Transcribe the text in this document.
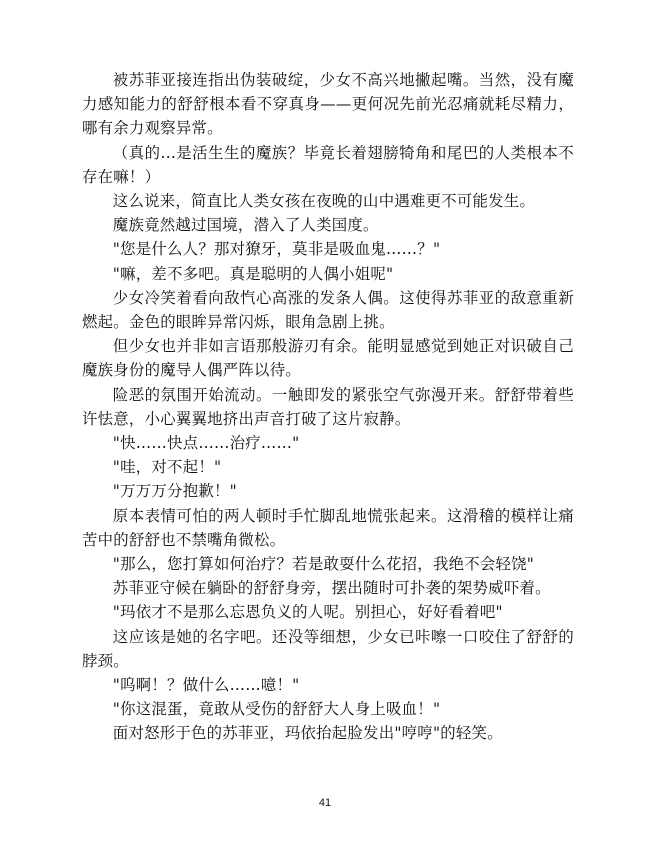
被苏菲亚接连指出伪装破绽，少女不高兴地撇起嘴。当然，没有魔力感知能力的舒舒根本看不穿真身——更何况先前光忍痛就耗尽精力，哪有余力观察异常。

（真的...是活生生的魔族？毕竟长着翅膀犄角和尾巴的人类根本不存在嘛！）

这么说来，简直比人类女孩在夜晚的山中遇难更不可能发生。

魔族竟然越过国境，潜入了人类国度。

"您是什么人？那对獠牙，莫非是吸血鬼……？"

"嘛，差不多吧。真是聪明的人偶小姐呢"

少女冷笑着看向敌忾心高涨的发条人偶。这使得苏菲亚的敌意重新燃起。金色的眼眸异常闪烁，眼角急剧上挑。

但少女也并非如言语那般游刃有余。能明显感觉到她正对识破自己魔族身份的魔导人偶严阵以待。

险恶的氛围开始流动。一触即发的紧张空气弥漫开来。舒舒带着些许怯意，小心翼翼地挤出声音打破了这片寂静。

"快……快点……治疗……"

"哇，对不起！"

"万万万分抱歉！"

原本表情可怕的两人顿时手忙脚乱地慌张起来。这滑稽的模样让痛苦中的舒舒也不禁嘴角微松。

"那么，您打算如何治疗？若是敢耍什么花招，我绝不会轻饶"

苏菲亚守候在躺卧的舒舒身旁，摆出随时可扑袭的架势威吓着。

"玛依才不是那么忘恩负义的人呢。别担心，好好看着吧"

这应该是她的名字吧。还没等细想，少女已咔嚓一口咬住了舒舒的脖颈。

"呜啊！？做什么……噫！"

"你这混蛋，竟敢从受伤的舒舒大人身上吸血！"

面对怒形于色的苏菲亚，玛依抬起脸发出"哼哼"的轻笑。

41
